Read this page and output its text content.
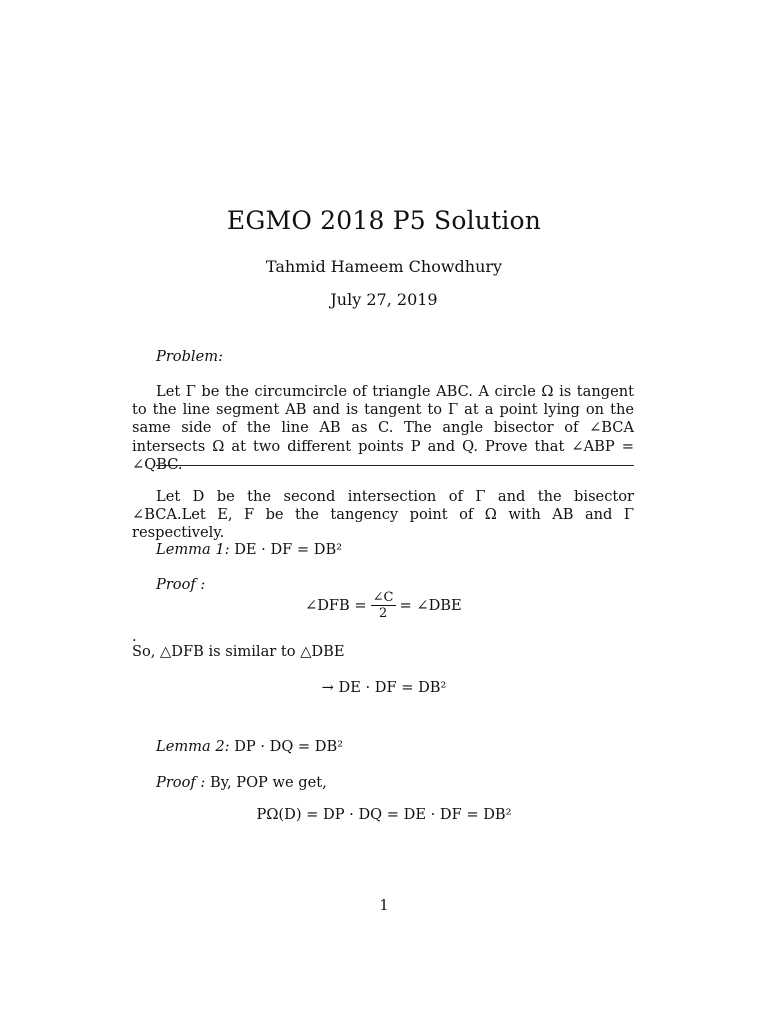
EGMO 2018 P5 Solution
Tahmid Hameem Chowdhury
July 27, 2019
Problem:
Let Γ be the circumcircle of triangle ABC. A circle Ω is tangent to the line segment AB and is tangent to Γ at a point lying on the same side of the line AB as C. The angle bisector of ∠BCA intersects Ω at two different points P and Q. Prove that ∠ABP = ∠QBC.
Let D be the second intersection of Γ and the bisector ∠BCA.Let E, F be the tangency point of Ω with AB and Γ respectively.
Lemma 1: DE · DF = DB²
Proof :
∠DFB = $\frac{\angle C}{2}$ = ∠DBE
.
So, △DFB is similar to △DBE
→ DE · DF = DB²
Lemma 2: DP · DQ = DB²
Proof : By, POP we get,
PΩ(D) = DP · DQ = DE · DF = DB²
1
